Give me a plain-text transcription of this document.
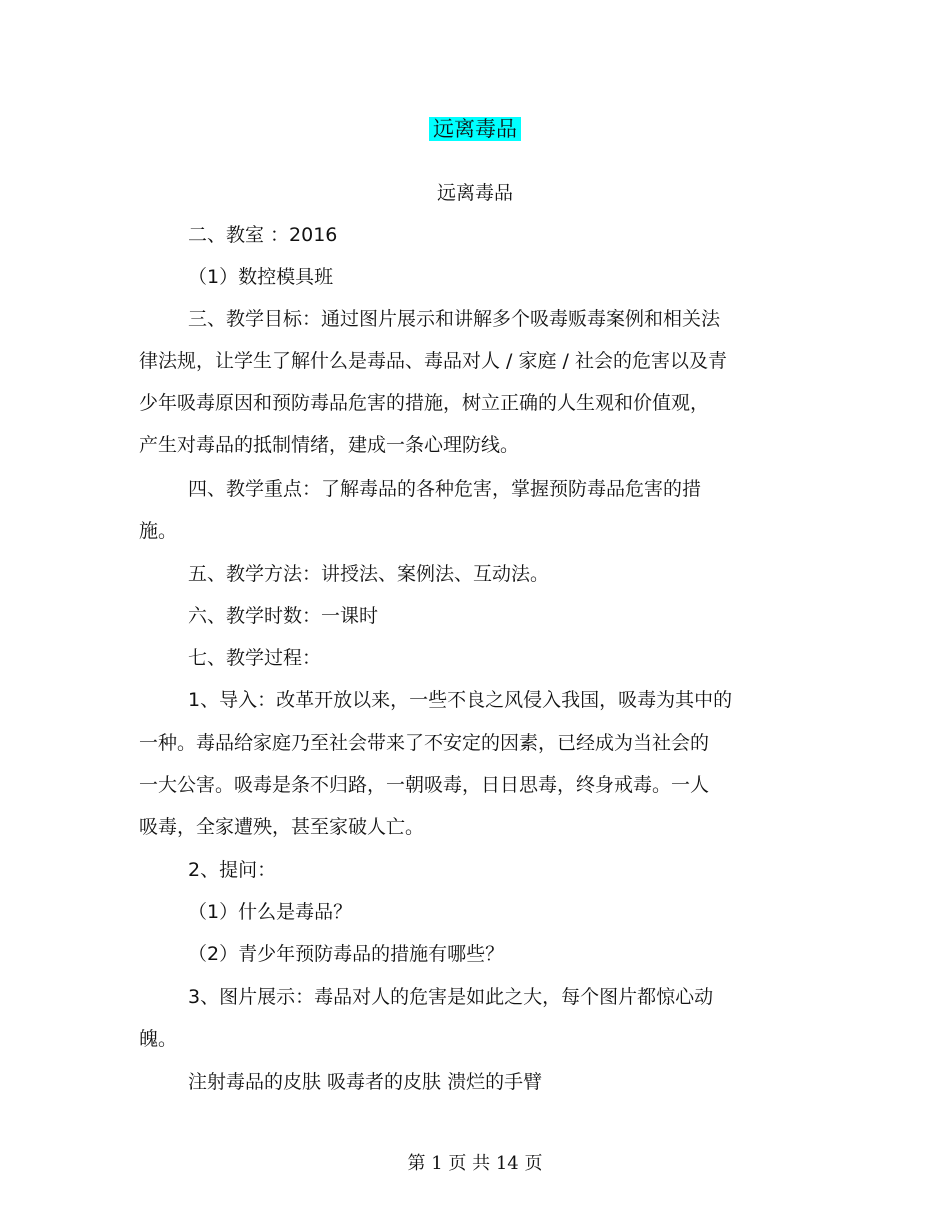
远离毒品
远离毒品
二、教室 ：2016
（1）数控模具班
三、教学目标：通过图片展示和讲解多个吸毒贩毒案例和相关法
律法规，让学生了解什么是毒品、毒品对人 / 家庭 / 社会的危害以及青
少年吸毒原因和预防毒品危害的措施，树立正确的人生观和价值观，
产生对毒品的抵制情绪，建成一条心理防线。
四、教学重点：了解毒品的各种危害，掌握预防毒品危害的措
施。
五、教学方法：讲授法、案例法、互动法。
六、教学时数：一课时
七、教学过程：
1、导入：改革开放以来，一些不良之风侵入我国，吸毒为其中的
一种。毒品给家庭乃至社会带来了不安定的因素，已经成为当社会的
一大公害。吸毒是条不归路，一朝吸毒，日日思毒，终身戒毒。一人
吸毒，全家遭殃，甚至家破人亡。
2、提问：
（1）什么是毒品？
（2）青少年预防毒品的措施有哪些？
3、图片展示：毒品对人的危害是如此之大，每个图片都惊心动
魄。
注射毒品的皮肤 吸毒者的皮肤 溃烂的手臂
第 1 页 共 14 页
